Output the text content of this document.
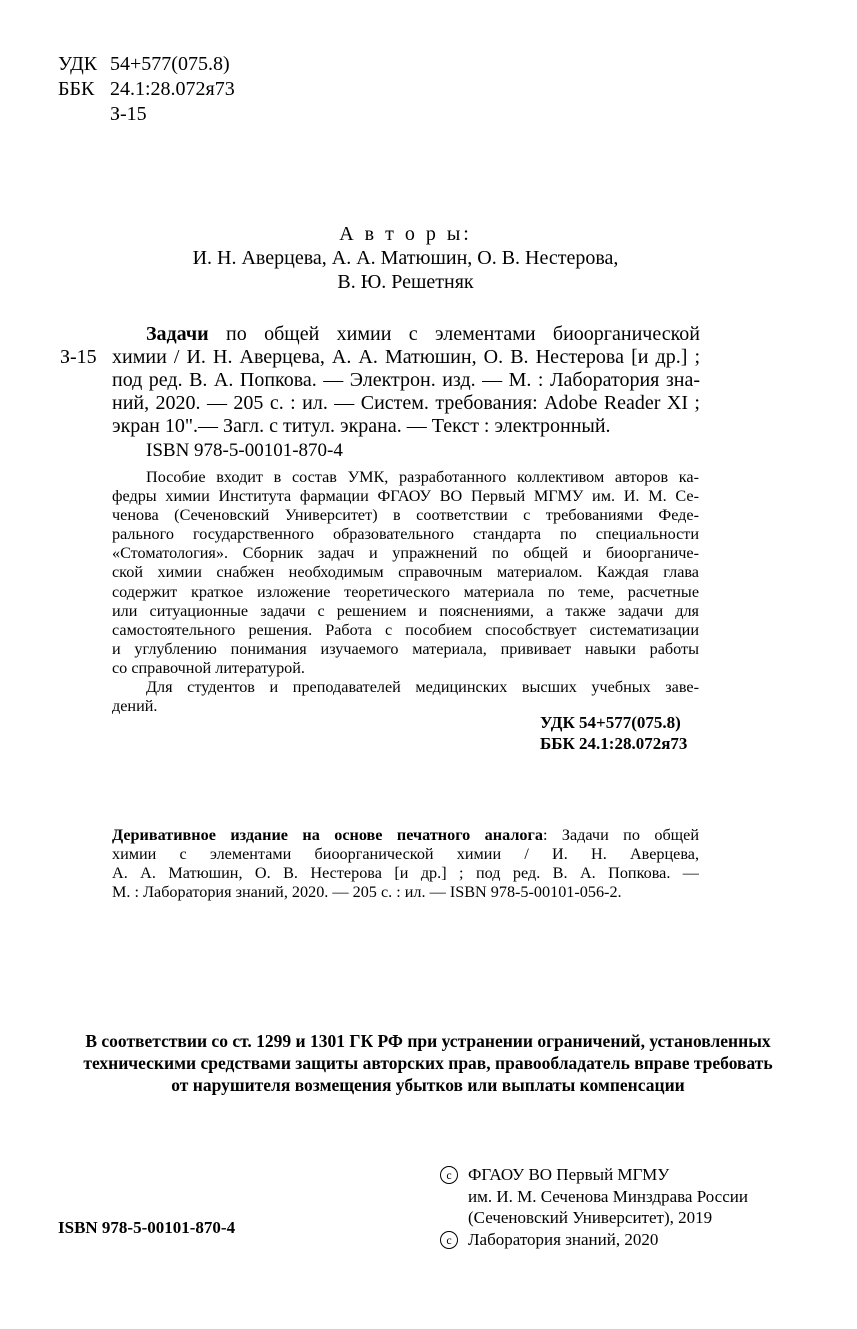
УДК 54+577(075.8)
ББК 24.1:28.072я73
З-15
А в т о р ы:
И. Н. Аверцева, А. А. Матюшин, О. В. Нестерова,
В. Ю. Решетняк
З-15
Задачи по общей химии с элементами биоорганической
химии / И. Н. Аверцева, А. А. Матюшин, О. В. Нестерова [и др.] ;
под ред. В. А. Попкова. — Электрон. изд. — М. : Лаборатория зна-
ний, 2020. — 205 с. : ил. — Систем. требования: Adobe Reader XI ;
экран 10".— Загл. с титул. экрана. — Текст : электронный.
ISBN 978-5-00101-870-4
Пособие входит в состав УМК, разработанного коллективом авторов ка-
федры химии Института фармации ФГАОУ ВО Первый МГМУ им. И. М. Се-
ченова (Сеченовский Университет) в соответствии с требованиями Феде-
рального государственного образовательного стандарта по специальности
«Стоматология». Сборник задач и упражнений по общей и биоорганиче-
ской химии снабжен необходимым справочным материалом. Каждая глава
содержит краткое изложение теоретического материала по теме, расчетные
или ситуационные задачи с решением и пояснениями, а также задачи для
самостоятельного решения. Работа с пособием способствует систематизации
и углублению понимания изучаемого материала, прививает навыки работы
со справочной литературой.
Для студентов и преподавателей медицинских высших учебных заве-
дений.
УДК 54+577(075.8)
ББК 24.1:28.072я73
Деривативное издание на основе печатного аналога: Задачи по общей
химии с элементами биоорганической химии / И. Н. Аверцева,
А. А. Матюшин, О. В. Нестерова [и др.] ; под ред. В. А. Попкова. —
М. : Лаборатория знаний, 2020. — 205 с. : ил. — ISBN 978-5-00101-056-2.
В соответствии со ст. 1299 и 1301 ГК РФ при устранении ограничений, установленных
техническими средствами защиты авторских прав, правообладатель вправе требовать
от нарушителя возмещения убытков или выплаты компенсации
ISBN 978-5-00101-870-4
c ФГАОУ ВО Первый МГМУ
им. И. М. Сеченова Минздрава России
(Сеченовский Университет), 2019
c Лаборатория знаний, 2020
